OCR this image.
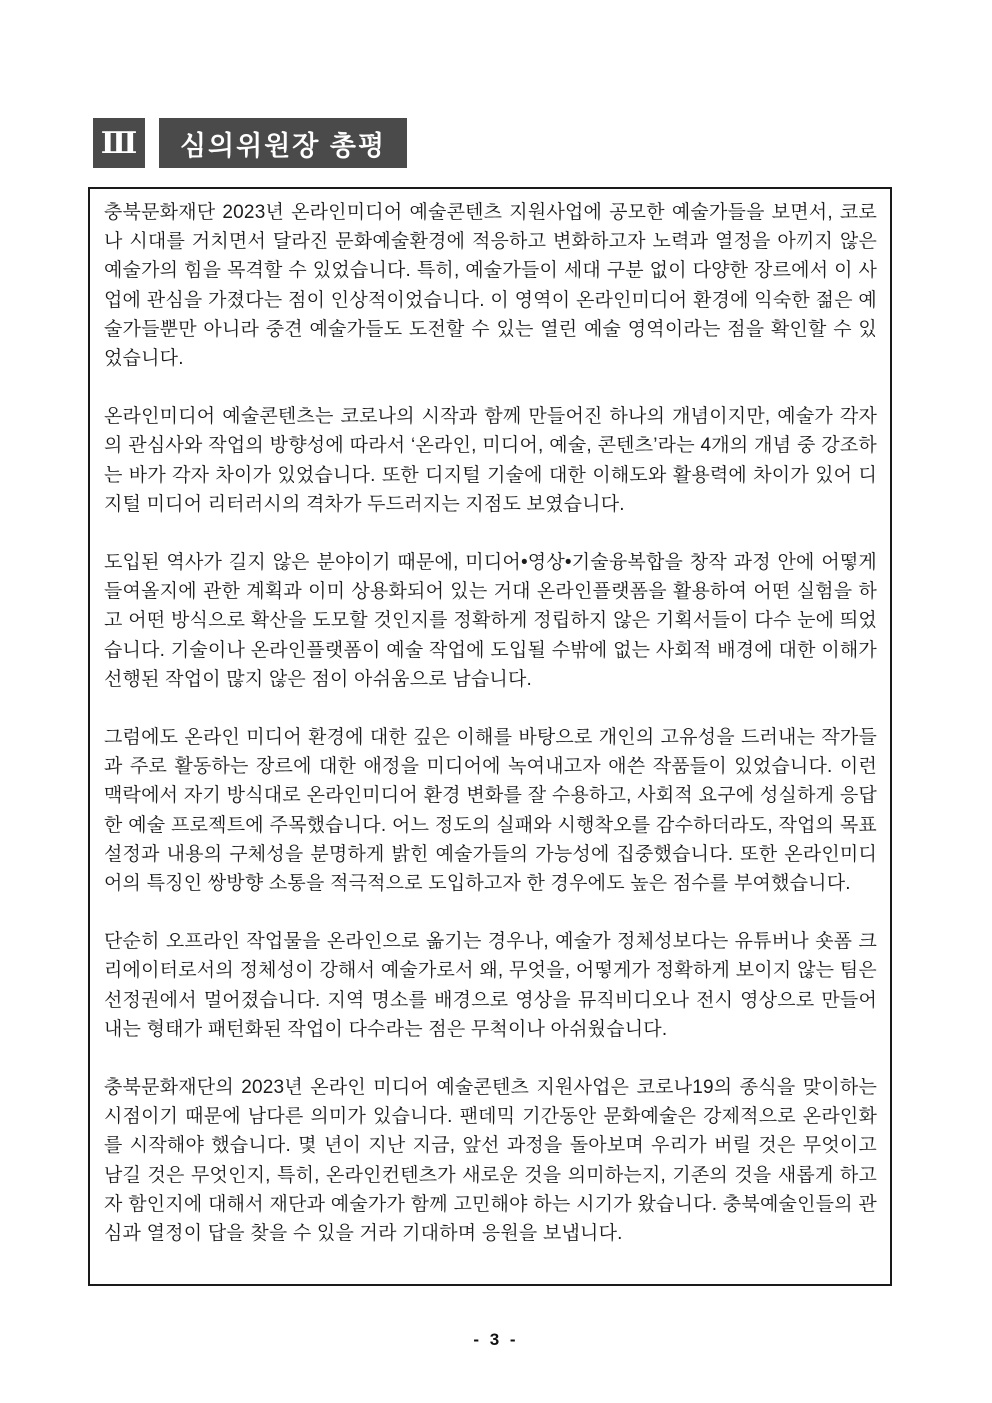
Ⅲ	심의위원장 총평

충북문화재단 2023년 온라인미디어 예술콘텐츠 지원사업에 공모한 예술가들을 보면서, 코로나 시대를 거치면서 달라진 문화예술환경에 적응하고 변화하고자 노력과 열정을 아끼지 않은 예술가의 힘을 목격할 수 있었습니다. 특히, 예술가들이 세대 구분 없이 다양한 장르에서 이 사업에 관심을 가졌다는 점이 인상적이었습니다. 이 영역이 온라인미디어 환경에 익숙한 젊은 예술가들뿐만 아니라 중견 예술가들도 도전할 수 있는 열린 예술 영역이라는 점을 확인할 수 있었습니다.

온라인미디어 예술콘텐츠는 코로나의 시작과 함께 만들어진 하나의 개념이지만, 예술가 각자의 관심사와 작업의 방향성에 따라서 ‘온라인, 미디어, 예술, 콘텐츠’라는 4개의 개념 중 강조하는 바가 각자 차이가 있었습니다. 또한 디지털 기술에 대한 이해도와 활용력에 차이가 있어 디지털 미디어 리터러시의 격차가 두드러지는 지점도 보였습니다.

도입된 역사가 길지 않은 분야이기 때문에, 미디어•영상•기술융복합을 창작 과정 안에 어떻게 들여올지에 관한 계획과 이미 상용화되어 있는 거대 온라인플랫폼을 활용하여 어떤 실험을 하고 어떤 방식으로 확산을 도모할 것인지를 정확하게 정립하지 않은 기획서들이 다수 눈에 띄었습니다. 기술이나 온라인플랫폼이 예술 작업에 도입될 수밖에 없는 사회적 배경에 대한 이해가 선행된 작업이 많지 않은 점이 아쉬움으로 남습니다.

그럼에도 온라인 미디어 환경에 대한 깊은 이해를 바탕으로 개인의 고유성을 드러내는 작가들과 주로 활동하는 장르에 대한 애정을 미디어에 녹여내고자 애쓴 작품들이 있었습니다. 이런 맥락에서 자기 방식대로 온라인미디어 환경 변화를 잘 수용하고, 사회적 요구에 성실하게 응답한 예술 프로젝트에 주목했습니다. 어느 정도의 실패와 시행착오를 감수하더라도, 작업의 목표 설정과 내용의 구체성을 분명하게 밝힌 예술가들의 가능성에 집중했습니다. 또한 온라인미디어의 특징인 쌍방향 소통을 적극적으로 도입하고자 한 경우에도 높은 점수를 부여했습니다.

단순히 오프라인 작업물을 온라인으로 옮기는 경우나, 예술가 정체성보다는 유튜버나 숏폼 크리에이터로서의 정체성이 강해서 예술가로서 왜, 무엇을, 어떻게가 정확하게 보이지 않는 팀은 선정권에서 멀어졌습니다. 지역 명소를 배경으로 영상을 뮤직비디오나 전시 영상으로 만들어내는 형태가 패턴화된 작업이 다수라는 점은 무척이나 아쉬웠습니다.

충북문화재단의 2023년 온라인 미디어 예술콘텐츠 지원사업은 코로나19의 종식을 맞이하는 시점이기 때문에 남다른 의미가 있습니다. 팬데믹 기간동안 문화예술은 강제적으로 온라인화를 시작해야 했습니다. 몇 년이 지난 지금, 앞선 과정을 돌아보며 우리가 버릴 것은 무엇이고 남길 것은 무엇인지, 특히, 온라인컨텐츠가 새로운 것을 의미하는지, 기존의 것을 새롭게 하고자 함인지에 대해서 재단과 예술가가 함께 고민해야 하는 시기가 왔습니다. 충북예술인들의 관심과 열정이 답을 찾을 수 있을 거라 기대하며 응원을 보냅니다.

- 3 -
